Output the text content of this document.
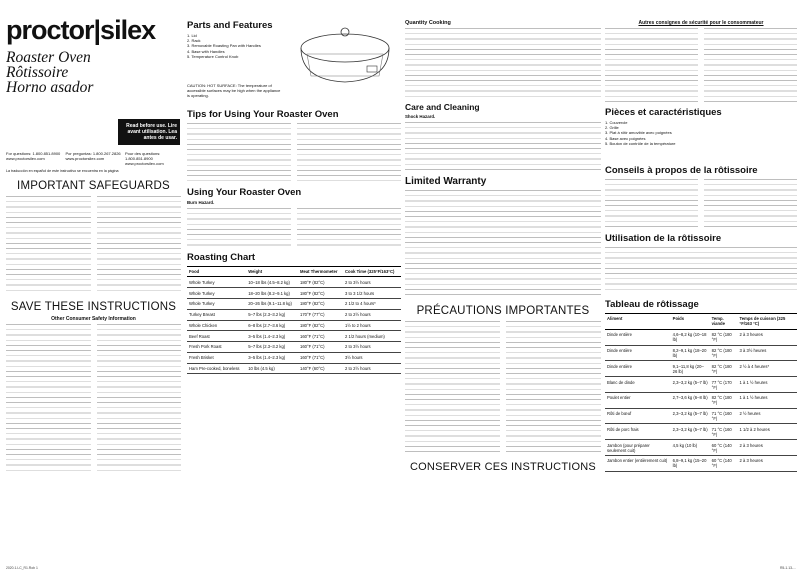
proctor|silex
Roaster Oven
Rôtissoire
Horno asador
Read before use. Lire avant utilisation. Lea antes de usar.
For questions: 1.800.851.8900 www.proctorsilex.com
Por preguntas: 1.800.267.2826 www.proctorsilex.com
Pour des questions: 1.800.851.8900 www.proctorsilex.com
La traducción en español de este instructivo se encuentra en la página
IMPORTANT SAFEGUARDS
SAVE THESE INSTRUCTIONS
Other Consumer Safety Information
Parts and Features
1. Lid
2. Rack
3. Removable Roasting Pan with Handles
4. Base with Handles
5. Temperature Control Knob

CAUTION: HOT SURFACE: The temperature of accessible surfaces may be high when the appliance is operating.

Tips for Using Your Roaster Oven
Using Your Roaster Oven
Burn Hazard.
Roasting Chart
Food	Weight	Meat Thermometer	Cook Time (325°F/163°C)
Whole Turkey	10–18 lbs (4.5–8.2 kg)	180°F (82°C)	2 to 3½ hours
Whole Turkey	18–20 lbs (8.2–9.1 kg)	180°F (82°C)	3 to 3 1/2 hours
Whole Turkey	20–26 lbs (9.1–11.8 kg)	180°F (82°C)	2 1/2 to 4 hours*
Turkey Breast	5–7 lbs (2.3–3.2 kg)	170°F (77°C)	2 to 2½ hours
Whole Chicken	6–8 lbs (2.7–3.6 kg)	180°F (82°C)	1½ to 2 hours
Beef Roast	3–5 lbs (1.4–2.3 kg)	160°F (71°C)	2 1/2 hours (medium)
Fresh Pork Roast	5–7 lbs (2.3–3.2 kg)	160°F (71°C)	2 to 3½ hours
Fresh Brisket	3–5 lbs (1.4–2.3 kg)	160°F (71°C)	3½ hours
Ham Pre-cooked, boneless	10 lbs (4.5 kg)	140°F (60°C)	2 to 2½ hours
Quantity Cooking
Care and Cleaning
Shock Hazard.
Limited Warranty
PRÉCAUTIONS IMPORTANTES
CONSERVER CES INSTRUCTIONS
Autres consignes de sécurité pour le consommateur
Pièces et caractéristiques
1. Couvercle
2. Grille
3. Plat à rôtir amovible avec poignées
4. Base avec poignées
5. Bouton de contrôle de la température
Conseils à propos de la rôtissoire
Utilisation de la rôtissoire
Tableau de rôtissage
Aliment	Poids	Temp. viande	Temps de cuisson (325 °F/163 °C)
Dinde entière	4,6–8,2 kg (10–18 lb)	82 °C (180 °F)	2 à 3 heures
Dinde entière	8,2–9,1 kg (18–20 lb)	82 °C (180 °F)	3 à 3½ heures
Dinde entière	9,1–11,8 kg (20–26 lb)	82 °C (180 °F)	2 ½ à 4 heures*
Blanc de dinde	2,3–3,2 kg (5–7 lb)	77 °C (170 °F)	1 à 1 ½ heures
Poulet entier	2,7–3,6 kg (6–8 lb)	82 °C (180 °F)	1 à 1 ½ heures
Rôti de bœuf	2,3–3,2 kg (5–7 lb)	71 °C (160 °F)	2 ½ heures
Rôti de porc frais	2,3–3,2 kg (5–7 lb)	71 °C (160 °F)	1 1/2 à 2 heures
Jambon (pour préparer seulement cuit)	4,5 kg (10 lb)	60 °C (140 °F)	2 à 3 heures
Jambon entier (entièrement cuit)	6,8–9,1 kg (15–20 lb)	60 °C (140 °F)	2 à 3 heures
2020.1.LC_R1.Rob 1	R5-1.13-...
